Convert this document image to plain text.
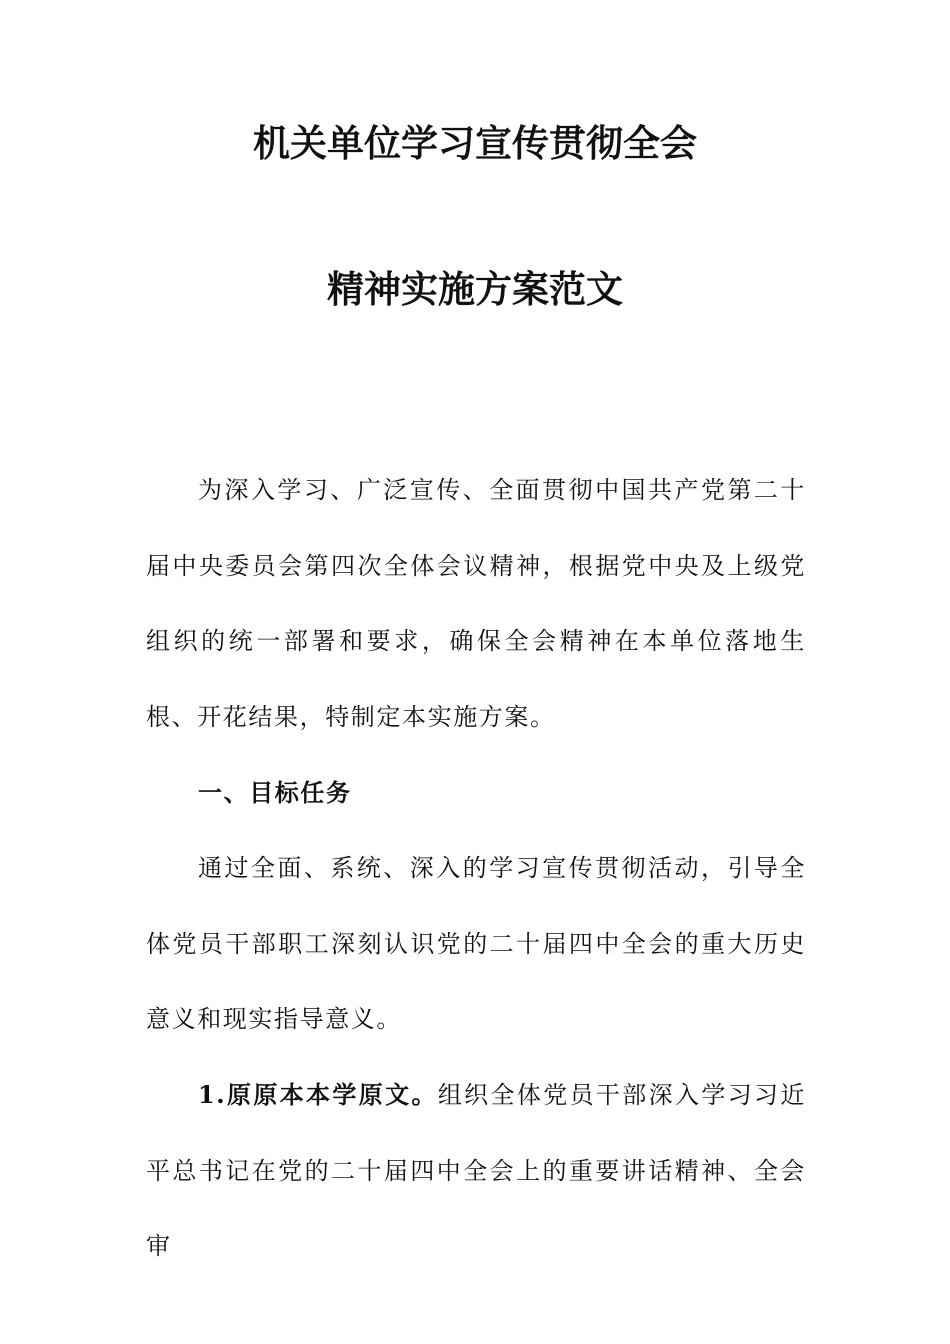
机关单位学习宣传贯彻全会
精神实施方案范文

为深入学习、广泛宣传、全面贯彻中国共产党第二十届中央委员会第四次全体会议精神，根据党中央及上级党组织的统一部署和要求，确保全会精神在本单位落地生根、开花结果，特制定本实施方案。

一、目标任务

通过全面、系统、深入的学习宣传贯彻活动，引导全体党员干部职工深刻认识党的二十届四中全会的重大历史意义和现实指导意义。

1.原原本本学原文。组织全体党员干部深入学习习近平总书记在党的二十届四中全会上的重要讲话精神、全会审
